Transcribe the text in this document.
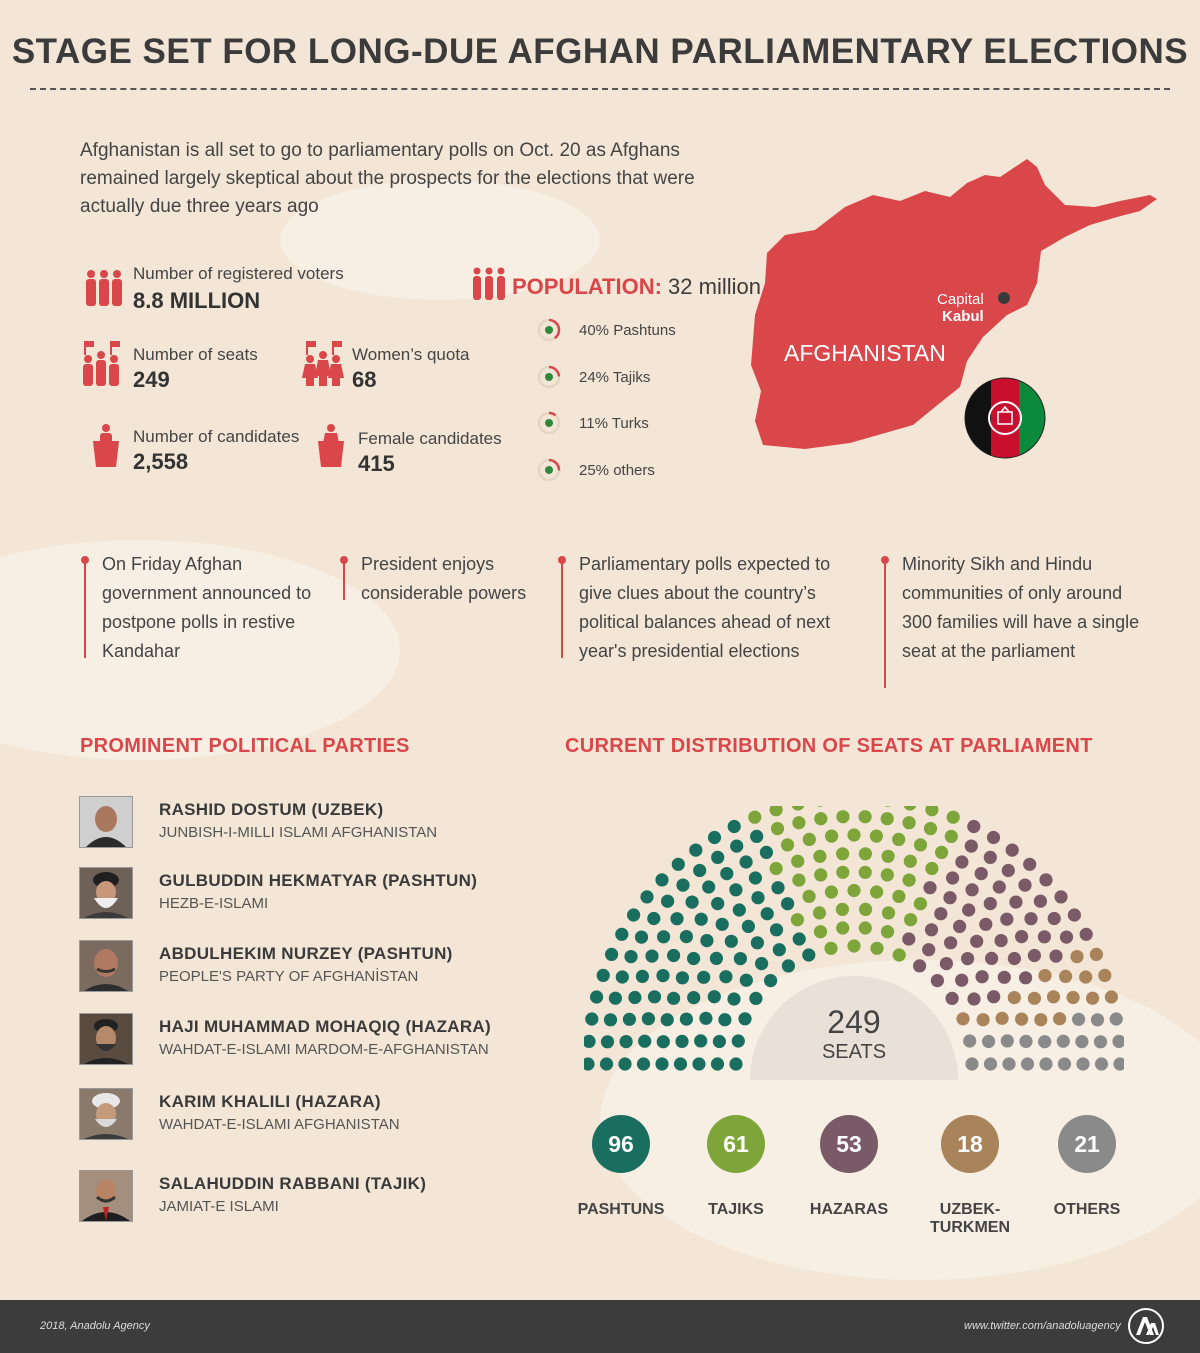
STAGE SET FOR LONG-DUE AFGHAN PARLIAMENTARY ELECTIONS
Afghanistan is all set to go to parliamentary polls on Oct. 20 as Afghans remained largely skeptical about the prospects for the elections that were actually due three years ago
Number of registered voters
8.8 MILLION
Number of seats
249
Women’s quota
68
Number of candidates
2,558
Female candidates
415
POPULATION: 32 million
40% Pashtuns
24% Tajiks
11% Turks
25% others
Capital
Kabul
AFGHANISTAN
On Friday Afghan government announced to postpone polls in restive Kandahar
President enjoys considerable powers
Parliamentary polls expected to give clues about the country’s political balances ahead of next year's presidential elections
Minority Sikh and Hindu communities of only around 300 families will have a single seat at the parliament
PROMINENT POLITICAL PARTIES	CURRENT DISTRIBUTION OF SEATS AT PARLIAMENT
RASHID DOSTUM (UZBEK)
JUNBISH-I-MILLI ISLAMI AFGHANISTAN
GULBUDDIN HEKMATYAR (PASHTUN)
HEZB-E-ISLAMI
ABDULHEKIM NURZEY (PASHTUN)
PEOPLE'S PARTY OF AFGHANİSTAN
HAJI MUHAMMAD MOHAQIQ (HAZARA)
WAHDAT-E-ISLAMI MARDOM-E-AFGHANISTAN
KARIM KHALILI (HAZARA)
WAHDAT-E-ISLAMI AFGHANISTAN
SALAHUDDIN RABBANI (TAJIK)
JAMIAT-E ISLAMI
249
SEATS
96
PASHTUNS
61
TAJIKS
53
HAZARAS
18
UZBEK-TURKMEN
21
OTHERS
2018, Anadolu Agency	www.twitter.com/anadoluagency
